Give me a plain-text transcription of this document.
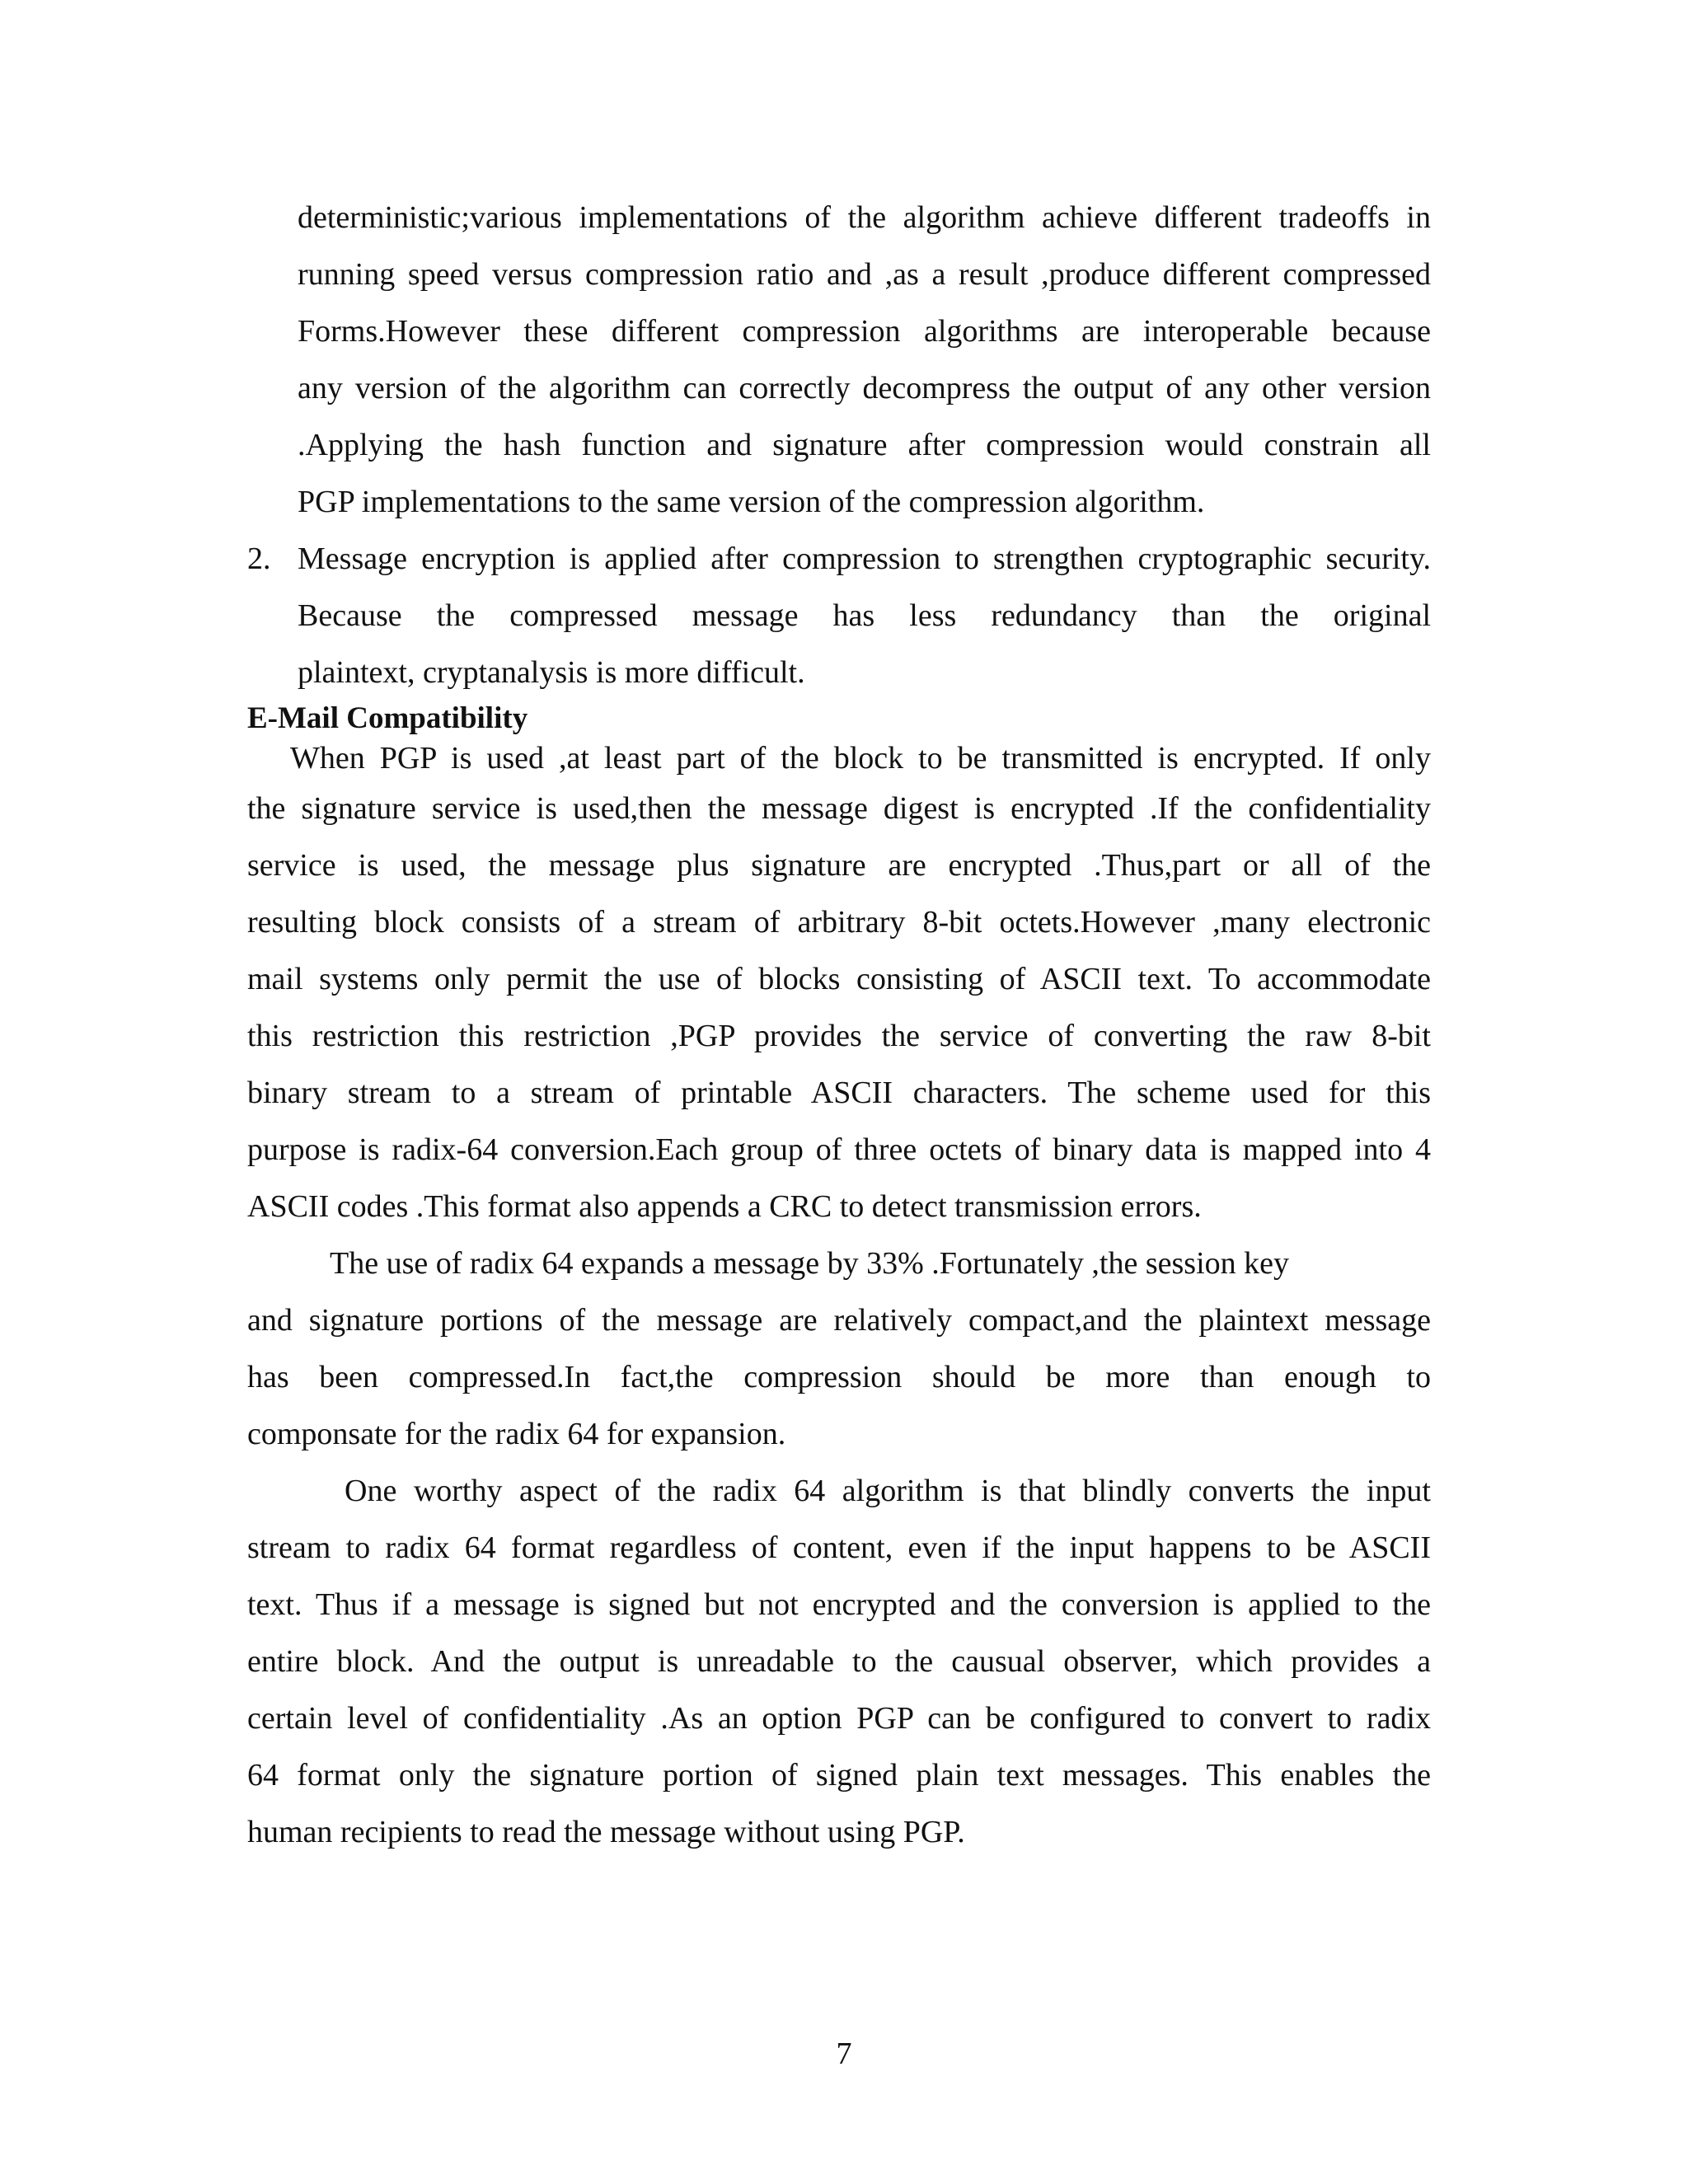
deterministic;various implementations of the algorithm achieve different tradeoffs in
running speed versus compression ratio and ,as a result ,produce different compressed
Forms.However these different compression algorithms are interoperable because
any version of the algorithm can correctly decompress the output of any other version
.Applying the hash function and signature after compression would constrain all
PGP implementations to the same version of the compression algorithm.
2. Message encryption is applied after compression to strengthen cryptographic security.
Because the compressed message has less redundancy than the original
plaintext, cryptanalysis is more difficult.
E-Mail Compatibility
When PGP is used ,at least part of the block to be transmitted is encrypted. If only
the signature service is used,then the message digest is encrypted .If the confidentiality
service is used, the message plus signature are encrypted .Thus,part or all of the
resulting block consists of a stream of arbitrary 8-bit octets.However ,many electronic
mail systems only permit the use of blocks consisting of ASCII text. To accommodate
this restriction this restriction ,PGP provides the service of converting the raw 8-bit
binary stream to a stream of printable ASCII characters. The scheme used for this
purpose is radix-64 conversion.Each group of three octets of binary data is mapped into 4
ASCII codes .This format also appends a CRC to detect transmission errors.
The use of radix 64 expands a message by 33% .Fortunately ,the session key
and signature portions of the message are relatively compact,and the plaintext message
has been compressed.In fact,the compression should be more than enough to
componsate for the radix 64 for expansion.
One worthy aspect of the radix 64 algorithm is that blindly converts the input
stream to radix 64 format regardless of content, even if the input happens to be ASCII
text. Thus if a message is signed but not encrypted and the conversion is applied to the
entire block. And the output is unreadable to the causual observer, which provides a
certain level of confidentiality .As an option PGP can be configured to convert to radix
64 format only the signature portion of signed plain text messages. This enables the
human recipients to read the message without using PGP.
7
